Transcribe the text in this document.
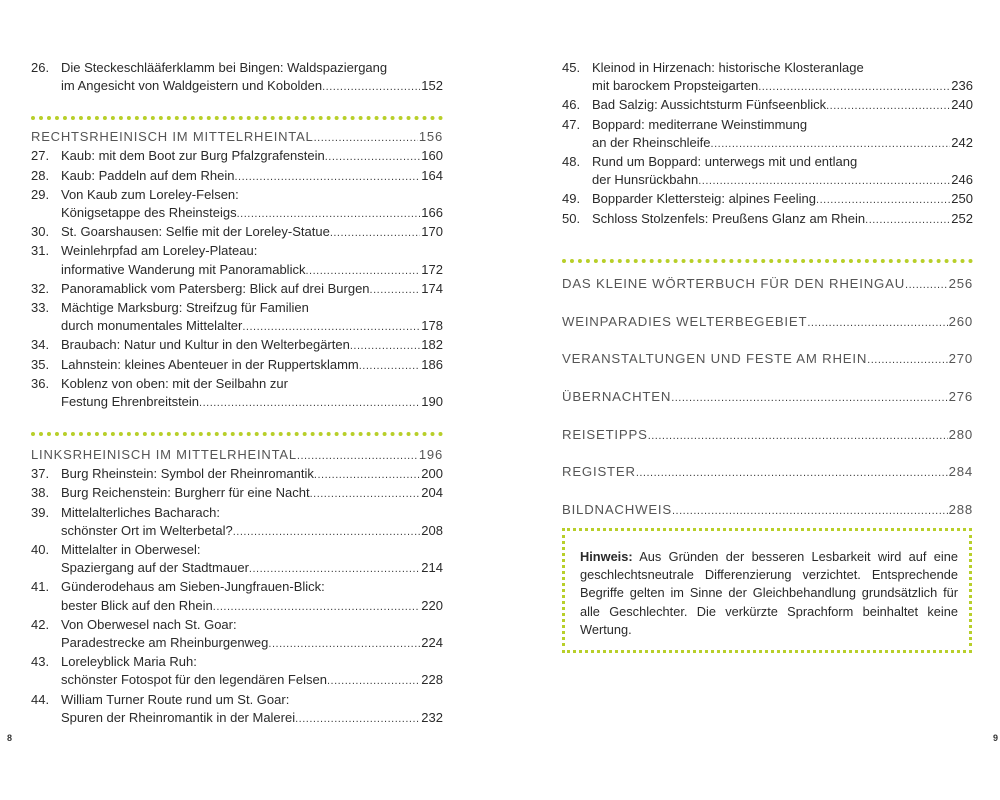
26. Die Steckeschlääferklamm bei Bingen: Waldspaziergang
im Angesicht von Waldgeistern und Kobolden .....	152
RECHTSRHEINISCH IM MITTELRHEINTAL .....	156
27. Kaub: mit dem Boot zur Burg Pfalzgrafenstein .....	160
28. Kaub: Paddeln auf dem Rhein .....	164
29. Von Kaub zum Loreley-Felsen:
Königsetappe des Rheinsteigs .....	166
30. St. Goarshausen: Selfie mit der Loreley-Statue .....	170
31. Weinlehrpfad am Loreley-Plateau:
informative Wanderung mit Panoramablick .....	172
32. Panoramablick vom Patersberg: Blick auf drei Burgen .....	174
33. Mächtige Marksburg: Streifzug für Familien
durch monumentales Mittelalter .....	178
34. Braubach: Natur und Kultur in den Welterbegärten .....	182
35. Lahnstein: kleines Abenteuer in der Ruppertsklamm .....	186
36. Koblenz von oben: mit der Seilbahn zur
Festung Ehrenbreitstein .....	190
LINKSRHEINISCH IM MITTELRHEINTAL .....	196
37. Burg Rheinstein: Symbol der Rheinromantik .....	200
38. Burg Reichenstein: Burgherr für eine Nacht .....	204
39. Mittelalterliches Bacharach:
schönster Ort im Welterbetal? .....	208
40. Mittelalter in Oberwesel:
Spaziergang auf der Stadtmauer .....	214
41. Günderodehaus am Sieben-Jungfrauen-Blick:
bester Blick auf den Rhein .....	220
42. Von Oberwesel nach St. Goar:
Paradestrecke am Rheinburgenweg .....	224
43. Loreleyblick Maria Ruh:
schönster Fotospot für den legendären Felsen .....	228
44. William Turner Route rund um St. Goar:
Spuren der Rheinromantik in der Malerei .....	232
8
45. Kleinod in Hirzenach: historische Klosteranlage
mit barockem Propsteigarten .....	236
46. Bad Salzig: Aussichtsturm Fünfseenblick .....	240
47. Boppard: mediterrane Weinstimmung
an der Rheinschleife .....	242
48. Rund um Boppard: unterwegs mit und entlang
der Hunsrückbahn .....	246
49. Bopparder Klettersteig: alpines Feeling .....	250
50. Schloss Stolzenfels: Preußens Glanz am Rhein .....	252
DAS KLEINE WÖRTERBUCH FÜR DEN RHEINGAU .....	256
WEINPARADIES WELTERBEGEBIET .....	260
VERANSTALTUNGEN UND FESTE AM RHEIN .....	270
ÜBERNACHTEN .....	276
REISETIPPS .....	280
REGISTER .....	284
BILDNACHWEIS .....	288
Hinweis: Aus Gründen der besseren Lesbarkeit wird auf eine geschlechtsneutrale Differenzierung verzichtet. Entsprechende Begriffe gelten im Sinne der Gleichbehandlung grundsätzlich für alle Geschlechter. Die verkürzte Sprachform beinhaltet keine Wertung.
9
